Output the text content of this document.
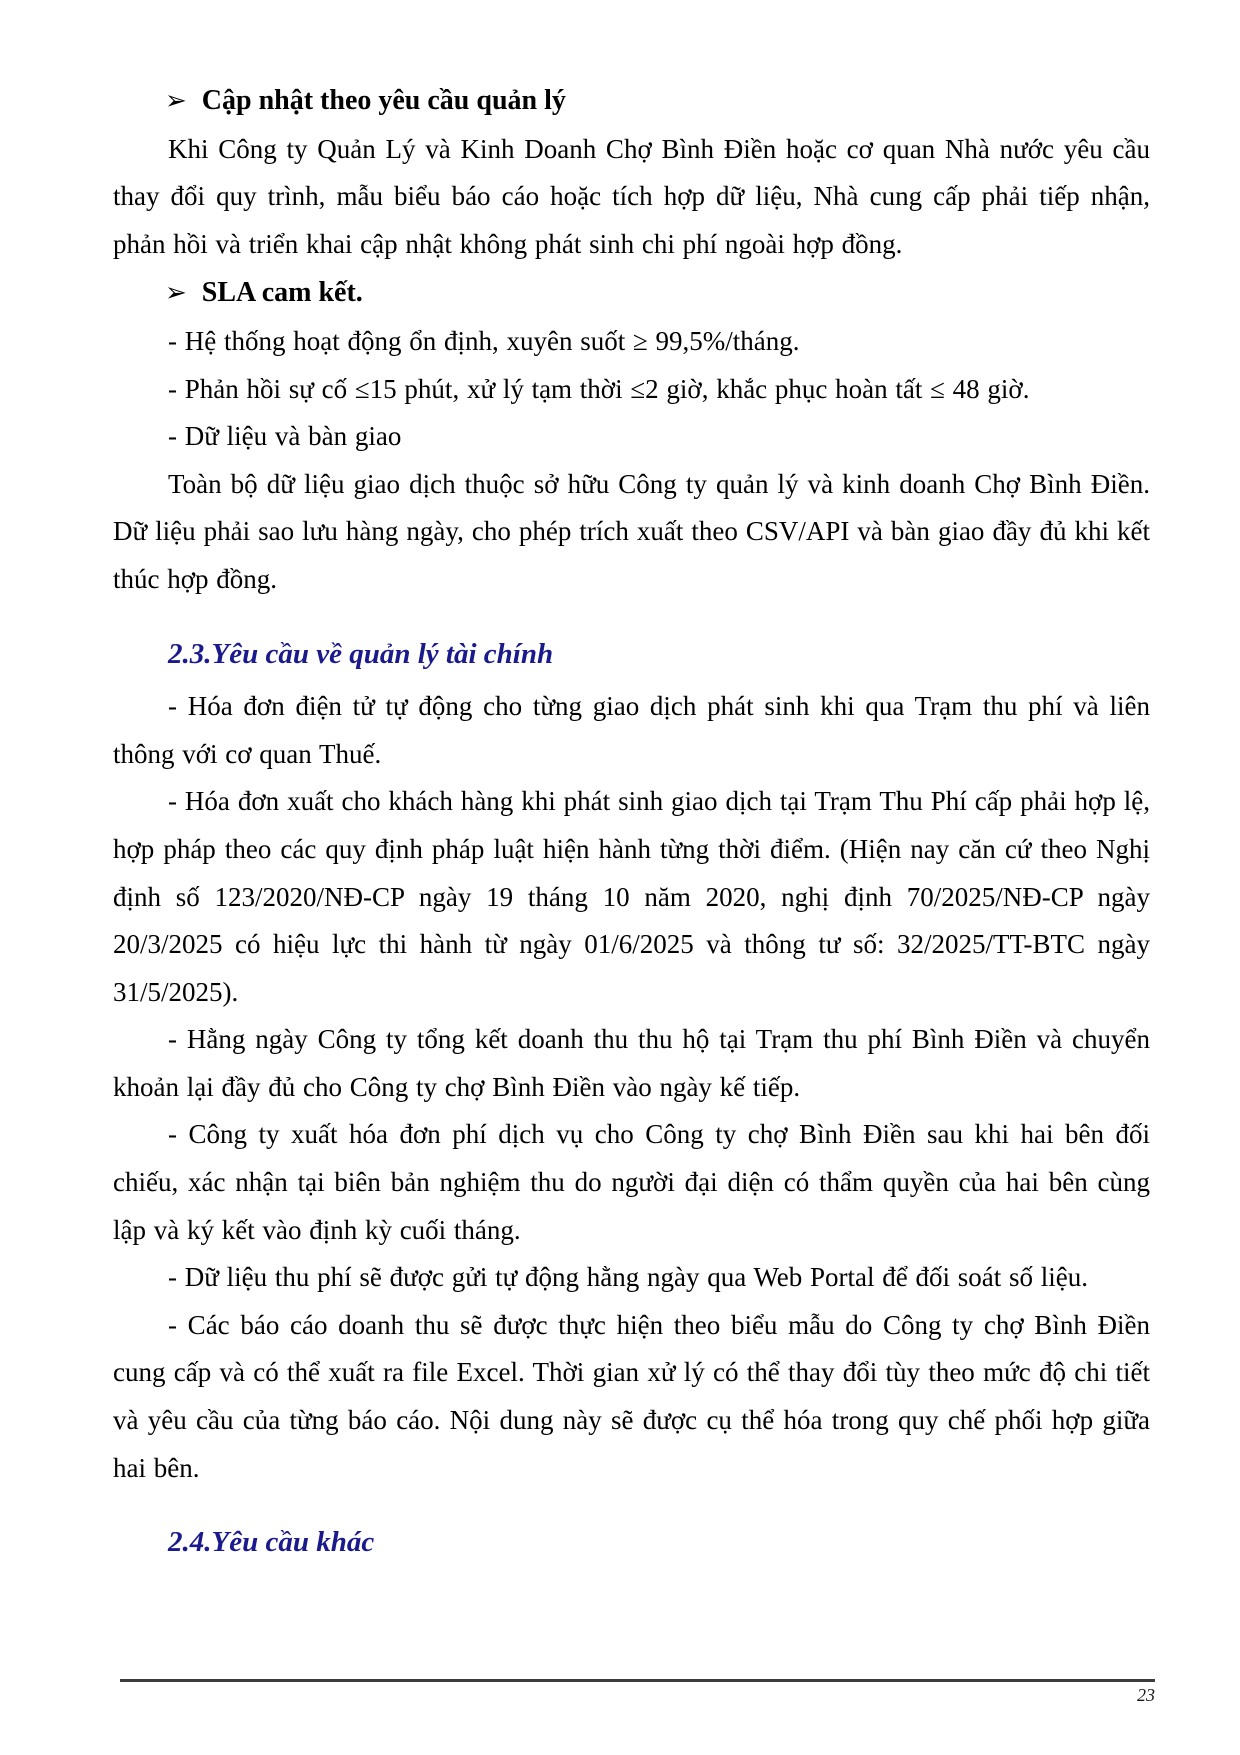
➢ Cập nhật theo yêu cầu quản lý

Khi Công ty Quản Lý và Kinh Doanh Chợ Bình Điền hoặc cơ quan Nhà nước yêu cầu thay đổi quy trình, mẫu biểu báo cáo hoặc tích hợp dữ liệu, Nhà cung cấp phải tiếp nhận, phản hồi và triển khai cập nhật không phát sinh chi phí ngoài hợp đồng.

➢ SLA cam kết.

- Hệ thống hoạt động ổn định, xuyên suốt ≥ 99,5%/tháng.

- Phản hồi sự cố ≤15 phút, xử lý tạm thời ≤2 giờ, khắc phục hoàn tất ≤ 48 giờ.

- Dữ liệu và bàn giao

Toàn bộ dữ liệu giao dịch thuộc sở hữu Công ty quản lý và kinh doanh Chợ Bình Điền. Dữ liệu phải sao lưu hàng ngày, cho phép trích xuất theo CSV/API và bàn giao đầy đủ khi kết thúc hợp đồng.

2.3.Yêu cầu về quản lý tài chính

- Hóa đơn điện tử tự động cho từng giao dịch phát sinh khi qua Trạm thu phí và liên thông với cơ quan Thuế.

- Hóa đơn xuất cho khách hàng khi phát sinh giao dịch tại Trạm Thu Phí cấp phải hợp lệ, hợp pháp theo các quy định pháp luật hiện hành từng thời điểm. (Hiện nay căn cứ theo Nghị định số 123/2020/NĐ-CP ngày 19 tháng 10 năm 2020, nghị định 70/2025/NĐ-CP ngày 20/3/2025 có hiệu lực thi hành từ ngày 01/6/2025 và thông tư số: 32/2025/TT-BTC ngày 31/5/2025).

- Hằng ngày Công ty tổng kết doanh thu thu hộ tại Trạm thu phí Bình Điền và chuyển khoản lại đầy đủ cho Công ty chợ Bình Điền vào ngày kế tiếp.

- Công ty xuất hóa đơn phí dịch vụ cho Công ty chợ Bình Điền sau khi hai bên đối chiếu, xác nhận tại biên bản nghiệm thu do người đại diện có thẩm quyền của hai bên cùng lập và ký kết vào định kỳ cuối tháng.

- Dữ liệu thu phí sẽ được gửi tự động hằng ngày qua Web Portal để đối soát số liệu.

- Các báo cáo doanh thu sẽ được thực hiện theo biểu mẫu do Công ty chợ Bình Điền cung cấp và có thể xuất ra file Excel. Thời gian xử lý có thể thay đổi tùy theo mức độ chi tiết và yêu cầu của từng báo cáo. Nội dung này sẽ được cụ thể hóa trong quy chế phối hợp giữa hai bên.

2.4.Yêu cầu khác

23
